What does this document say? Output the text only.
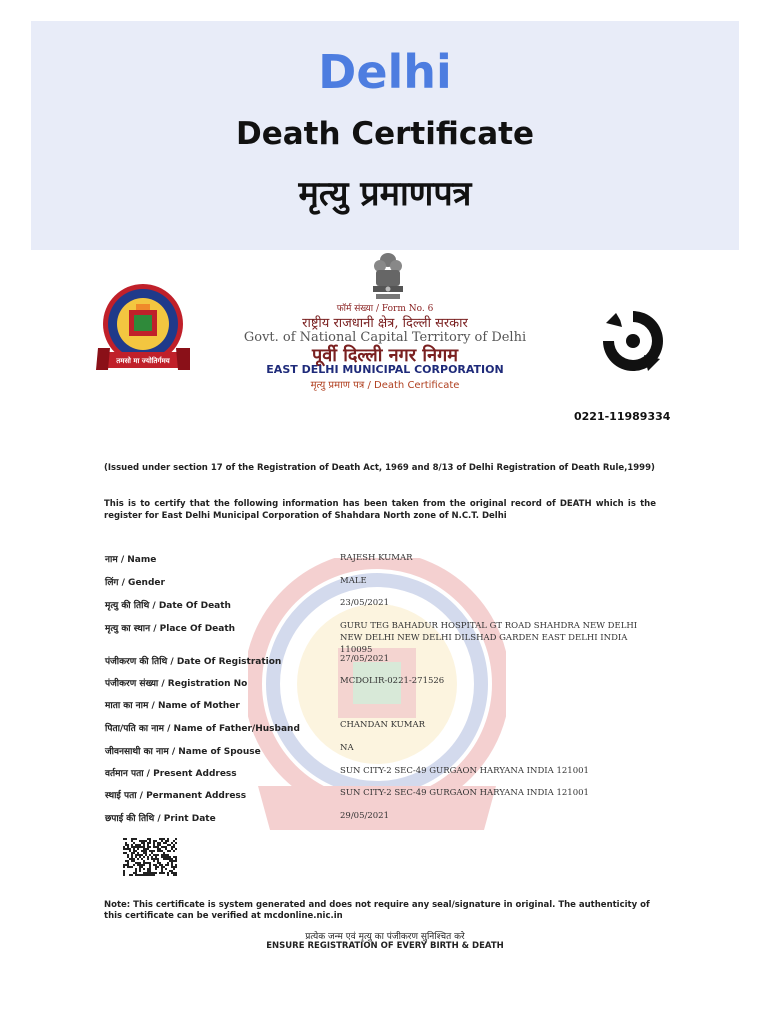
Delhi
Death Certificate
मृत्यु प्रमाणपत्र
तमसो मा ज्योतिर्गमय
फॉर्म संख्या / Form No. 6
राष्ट्रीय राजधानी क्षेत्र, दिल्ली सरकार
Govt. of National Capital Territory of Delhi
पूर्वी दिल्ली नगर निगम
EAST DELHI MUNICIPAL CORPORATION
मृत्यु प्रमाण पत्र / Death Certificate
0221-11989334
(Issued under section 17 of the Registration of Death Act, 1969 and 8/13 of Delhi Registration of Death Rule,1999)
This is to certify that the following information has been taken from the original record of DEATH which is the register for East Delhi Municipal Corporation of Shahdara North zone of N.C.T. Delhi
नाम / Name	RAJESH KUMAR
लिंग / Gender	MALE
मृत्यु की तिथि / Date Of Death	23/05/2021
मृत्यु का स्थान / Place Of Death	GURU TEG BAHADUR HOSPITAL GT ROAD SHAHDRA NEW DELHI NEW DELHI NEW DELHI DILSHAD GARDEN EAST DELHI INDIA 110095
पंजीकरण की तिथि / Date Of Registration	27/05/2021
पंजीकरण संख्या / Registration No	MCDOLIR-0221-271526
माता का नाम / Name of Mother
पिता/पति का नाम / Name of Father/Husband	CHANDAN KUMAR
जीवनसाथी का नाम / Name of Spouse	NA
वर्तमान पता / Present Address	SUN CITY-2 SEC-49 GURGAON HARYANA INDIA 121001
स्थाई पता / Permanent Address	SUN CITY-2 SEC-49 GURGAON HARYANA INDIA 121001
छपाई की तिथि / Print Date	29/05/2021
Note: This certificate is system generated and does not require any seal/signature in original. The authenticity of this certificate can be verified at mcdonline.nic.in
प्रत्येक जन्म एवं मृत्यु का पंजीकरण सुनिश्चित करे
ENSURE REGISTRATION OF EVERY BIRTH & DEATH
